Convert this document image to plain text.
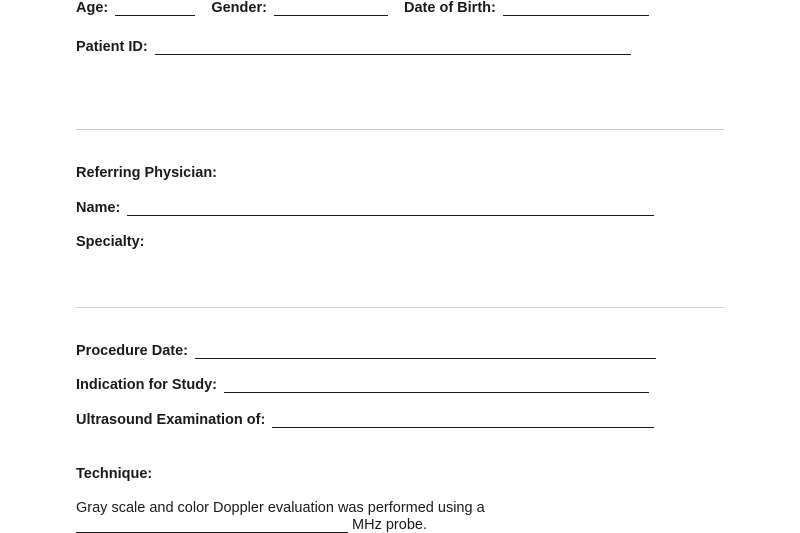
Age:	Gender:	Date of Birth:
Patient ID:
Referring Physician:
Name:
Specialty:
Procedure Date:
Indication for Study:
Ultrasound Examination of:
Technique:
Gray scale and color Doppler evaluation was performed using a
MHz probe.
